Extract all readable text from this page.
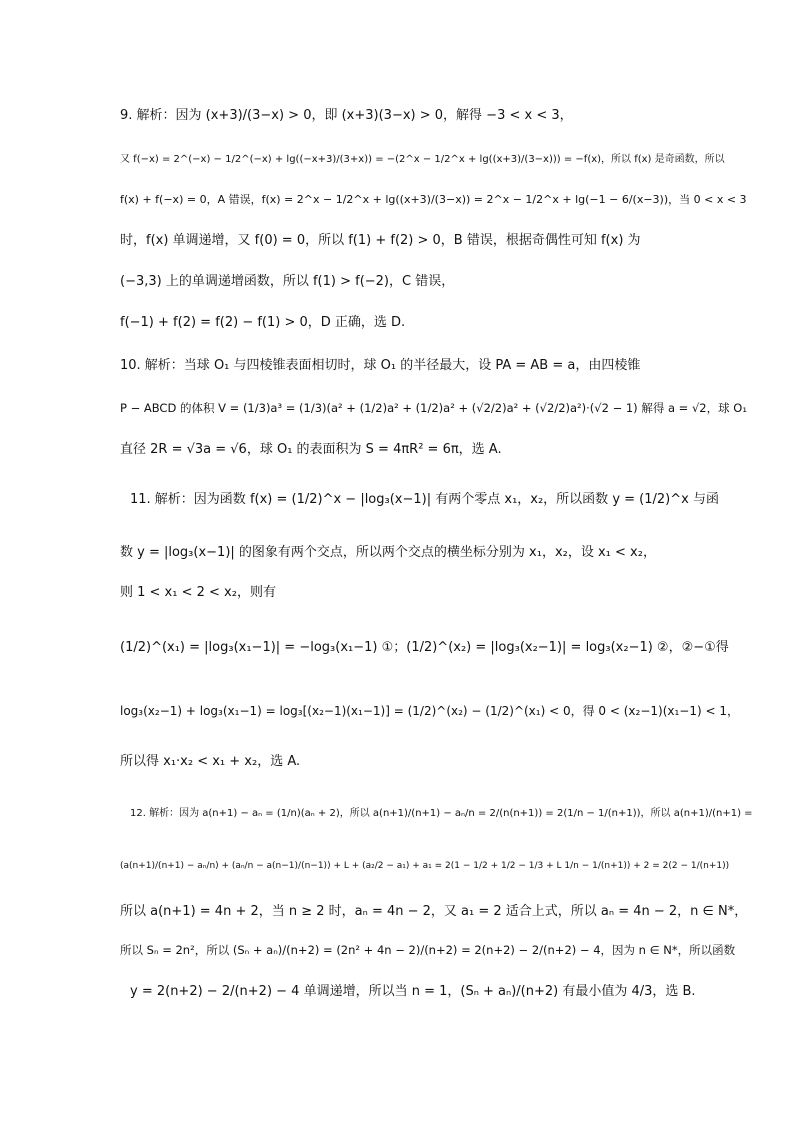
9. 解析：因为 (x+3)/(3−x) > 0，即 (x+3)(3−x) > 0，解得 −3 < x < 3，
又 f(−x) = 2^(−x) − 1/2^(−x) + lg((−x+3)/(3+x)) = −(2^x − 1/2^x + lg((x+3)/(3−x))) = −f(x)，所以 f(x) 是奇函数，所以
f(x) + f(−x) = 0，A 错误，f(x) = 2^x − 1/2^x + lg((x+3)/(3−x)) = 2^x − 1/2^x + lg(−1 − 6/(x−3))，当 0 < x < 3
时，f(x) 单调递增，又 f(0) = 0，所以 f(1) + f(2) > 0，B 错误，根据奇偶性可知 f(x) 为
(−3,3) 上的单调递增函数，所以 f(1) > f(−2)，C 错误，
f(−1) + f(2) = f(2) − f(1) > 0，D 正确，选 D.
10. 解析：当球 O₁ 与四棱锥表面相切时，球 O₁ 的半径最大，设 PA = AB = a，由四棱锥
P − ABCD 的体积 V = (1/3)a³ = (1/3)(a² + (1/2)a² + (1/2)a² + (√2/2)a² + (√2/2)a²)·(√2 − 1) 解得 a = √2，球 O₁
直径 2R = √3a = √6，球 O₁ 的表面积为 S = 4πR² = 6π，选 A.
11. 解析：因为函数 f(x) = (1/2)^x − |log₃(x−1)| 有两个零点 x₁，x₂，所以函数 y = (1/2)^x 与函
数 y = |log₃(x−1)| 的图象有两个交点，所以两个交点的横坐标分别为 x₁，x₂，设 x₁ < x₂，
则 1 < x₁ < 2 < x₂，则有
(1/2)^(x₁) = |log₃(x₁−1)| = −log₃(x₁−1) ①；(1/2)^(x₂) = |log₃(x₂−1)| = log₃(x₂−1) ②，②−①得
log₃(x₂−1) + log₃(x₁−1) = log₃[(x₂−1)(x₁−1)] = (1/2)^(x₂) − (1/2)^(x₁) < 0，得 0 < (x₂−1)(x₁−1) < 1，
所以得 x₁·x₂ < x₁ + x₂，选 A.
12. 解析：因为 a(n+1) − aₙ = (1/n)(aₙ + 2)，所以 a(n+1)/(n+1) − aₙ/n = 2/(n(n+1)) = 2(1/n − 1/(n+1))，所以 a(n+1)/(n+1) =
(a(n+1)/(n+1) − aₙ/n) + (aₙ/n − a(n−1)/(n−1)) + L + (a₂/2 − a₁) + a₁ = 2(1 − 1/2 + 1/2 − 1/3 + L 1/n − 1/(n+1)) + 2 = 2(2 − 1/(n+1))
所以 a(n+1) = 4n + 2，当 n ≥ 2 时，aₙ = 4n − 2，又 a₁ = 2 适合上式，所以 aₙ = 4n − 2，n ∈ N*，
所以 Sₙ = 2n²，所以 (Sₙ + aₙ)/(n+2) = (2n² + 4n − 2)/(n+2) = 2(n+2) − 2/(n+2) − 4，因为 n ∈ N*，所以函数
y = 2(n+2) − 2/(n+2) − 4 单调递增，所以当 n = 1，(Sₙ + aₙ)/(n+2) 有最小值为 4/3，选 B.
